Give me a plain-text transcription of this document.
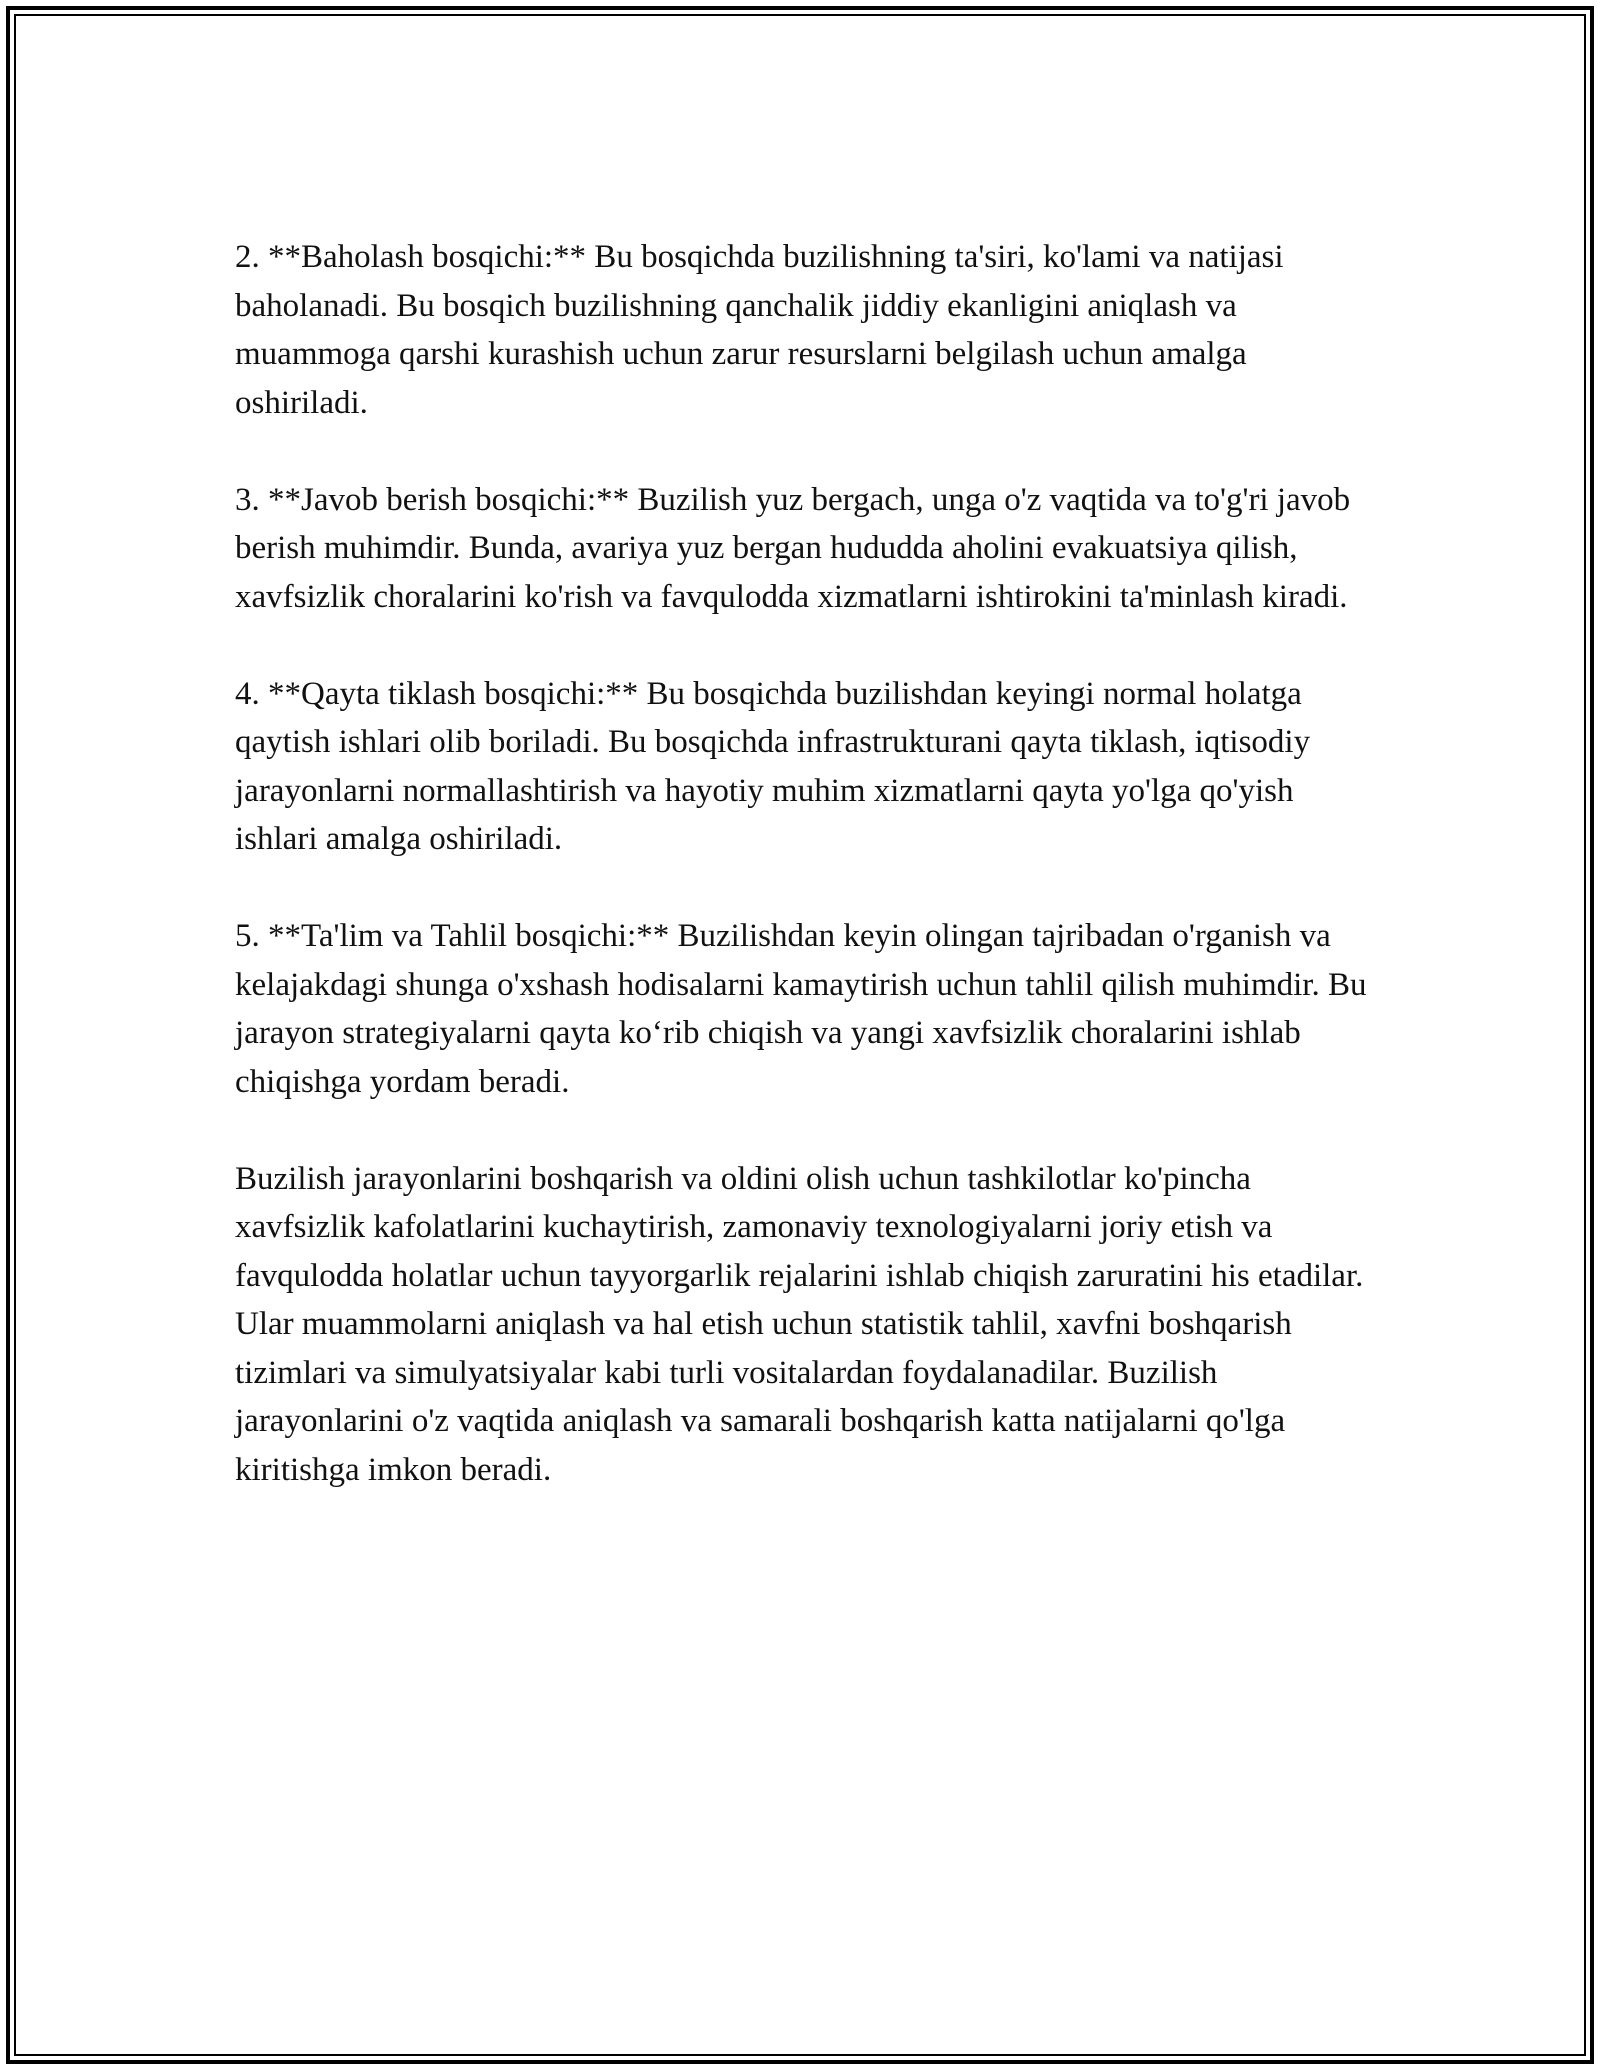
2. **Baholash bosqichi:** Bu bosqichda buzilishning ta'siri, ko'lami va natijasi baholanadi. Bu bosqich buzilishning qanchalik jiddiy ekanligini aniqlash va muammoga qarshi kurashish uchun zarur resurslarni belgilash uchun amalga oshiriladi.

3. **Javob berish bosqichi:** Buzilish yuz bergach, unga o'z vaqtida va to'g'ri javob berish muhimdir. Bunda, avariya yuz bergan hududda aholini evakuatsiya qilish, xavfsizlik choralarini ko'rish va favqulodda xizmatlarni ishtirokini ta'minlash kiradi.

4. **Qayta tiklash bosqichi:** Bu bosqichda buzilishdan keyingi normal holatga qaytish ishlari olib boriladi. Bu bosqichda infrastrukturani qayta tiklash, iqtisodiy jarayonlarni normallashtirish va hayotiy muhim xizmatlarni qayta yo'lga qo'yish ishlari amalga oshiriladi.

5. **Ta'lim va Tahlil bosqichi:** Buzilishdan keyin olingan tajribadan o'rganish va kelajakdagi shunga o'xshash hodisalarni kamaytirish uchun tahlil qilish muhimdir. Bu jarayon strategiyalarni qayta ko‘rib chiqish va yangi xavfsizlik choralarini ishlab chiqishga yordam beradi.

Buzilish jarayonlarini boshqarish va oldini olish uchun tashkilotlar ko'pincha xavfsizlik kafolatlarini kuchaytirish, zamonaviy texnologiyalarni joriy etish va favqulodda holatlar uchun tayyorgarlik rejalarini ishlab chiqish zaruratini his etadilar. Ular muammolarni aniqlash va hal etish uchun statistik tahlil, xavfni boshqarish tizimlari va simulyatsiyalar kabi turli vositalardan foydalanadilar. Buzilish jarayonlarini o'z vaqtida aniqlash va samarali boshqarish katta natijalarni qo'lga kiritishga imkon beradi.
